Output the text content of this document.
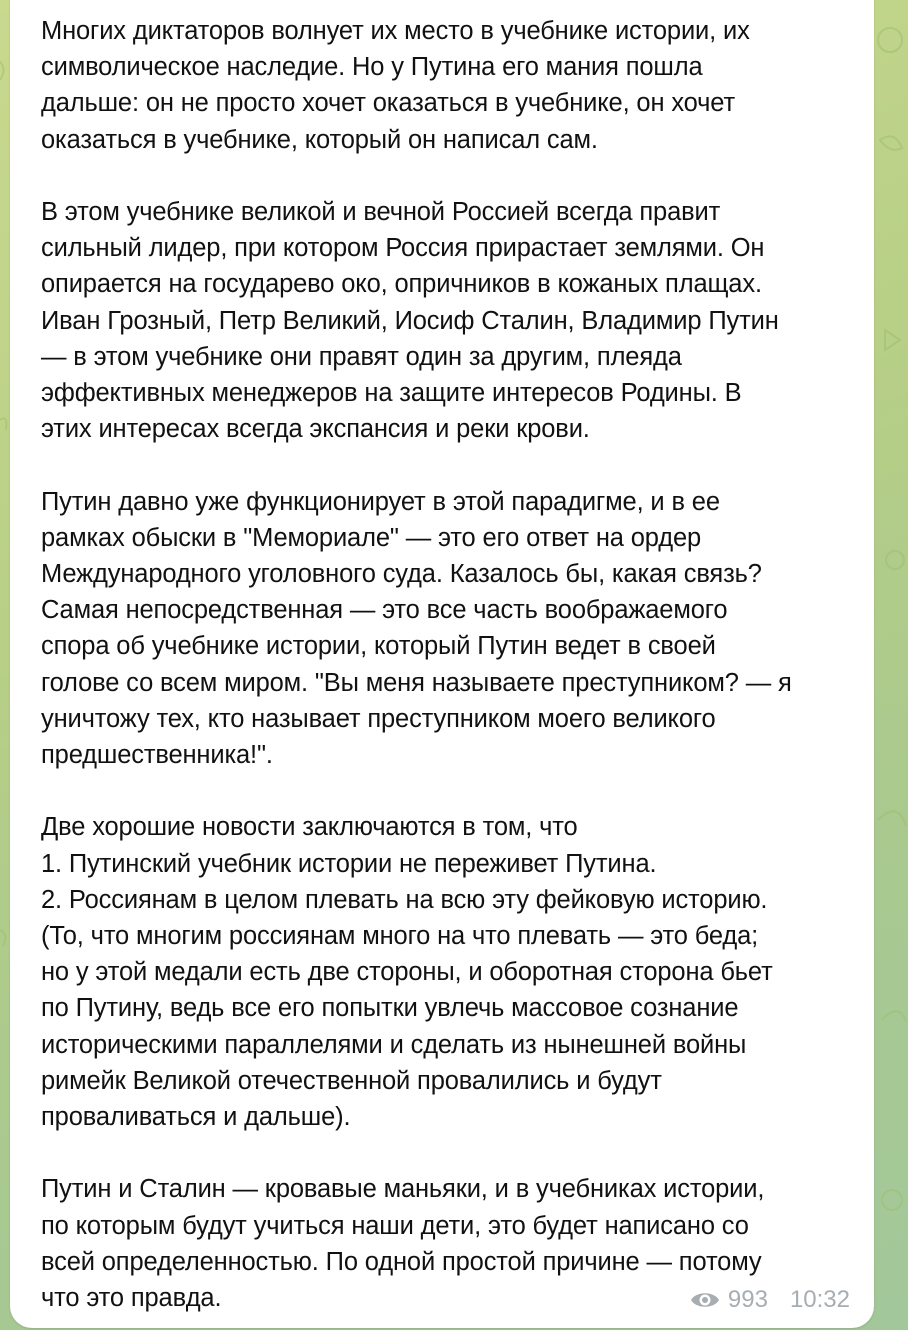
Многих диктаторов волнует их место в учебнике истории, их
символическое наследие. Но у Путина его мания пошла
дальше: он не просто хочет оказаться в учебнике, он хочет
оказаться в учебнике, который он написал сам.

В этом учебнике великой и вечной Россией всегда правит
сильный лидер, при котором Россия прирастает землями. Он
опирается на государево око, опричников в кожаных плащах.
Иван Грозный, Петр Великий, Иосиф Сталин, Владимир Путин
— в этом учебнике они правят один за другим, плеяда
эффективных менеджеров на защите интересов Родины. В
этих интересах всегда экспансия и реки крови.

Путин давно уже функционирует в этой парадигме, и в ее
рамках обыски в "Мемориале" — это его ответ на ордер
Международного уголовного суда. Казалось бы, какая связь?
Самая непосредственная — это все часть воображаемого
спора об учебнике истории, который Путин ведет в своей
голове со всем миром. "Вы меня называете преступником? — я
уничтожу тех, кто называет преступником моего великого
предшественника!".

Две хорошие новости заключаются в том, что
1. Путинский учебник истории не переживет Путина.
2. Россиянам в целом плевать на всю эту фейковую историю.
(То, что многим россиянам много на что плевать — это беда;
но у этой медали есть две стороны, и оборотная сторона бьет
по Путину, ведь все его попытки увлечь массовое сознание
историческими параллелями и сделать из нынешней войны
римейк Великой отечественной провалились и будут
проваливаться и дальше).

Путин и Сталин — кровавые маньяки, и в учебниках истории,
по которым будут учиться наши дети, это будет написано со
всей определенностью. По одной простой причине — потому
что это правда.	993 10:32
